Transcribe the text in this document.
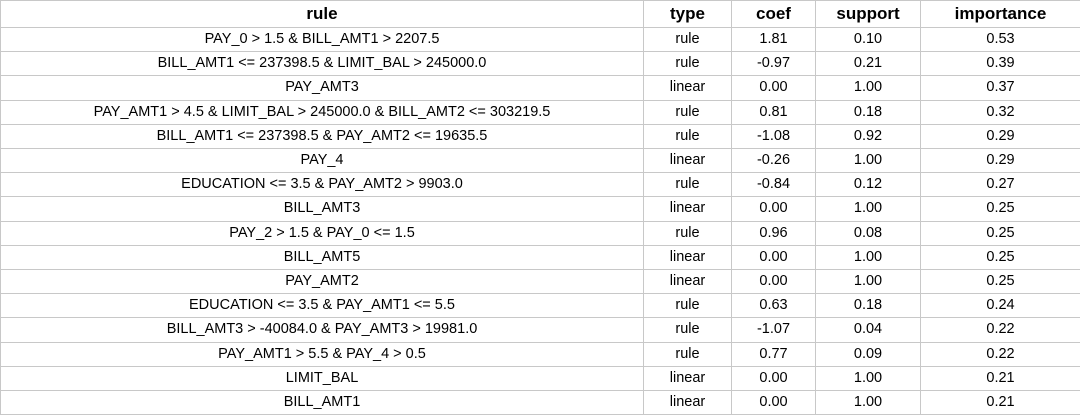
rule	type	coef	support	importance
PAY_0 > 1.5 & BILL_AMT1 > 2207.5	rule	1.81	0.10	0.53
BILL_AMT1 <= 237398.5 & LIMIT_BAL > 245000.0	rule	-0.97	0.21	0.39
PAY_AMT3	linear	0.00	1.00	0.37
PAY_AMT1 > 4.5 & LIMIT_BAL > 245000.0 & BILL_AMT2 <= 303219.5	rule	0.81	0.18	0.32
BILL_AMT1 <= 237398.5 & PAY_AMT2 <= 19635.5	rule	-1.08	0.92	0.29
PAY_4	linear	-0.26	1.00	0.29
EDUCATION <= 3.5 & PAY_AMT2 > 9903.0	rule	-0.84	0.12	0.27
BILL_AMT3	linear	0.00	1.00	0.25
PAY_2 > 1.5 & PAY_0 <= 1.5	rule	0.96	0.08	0.25
BILL_AMT5	linear	0.00	1.00	0.25
PAY_AMT2	linear	0.00	1.00	0.25
EDUCATION <= 3.5 & PAY_AMT1 <= 5.5	rule	0.63	0.18	0.24
BILL_AMT3 > -40084.0 & PAY_AMT3 > 19981.0	rule	-1.07	0.04	0.22
PAY_AMT1 > 5.5 & PAY_4 > 0.5	rule	0.77	0.09	0.22
LIMIT_BAL	linear	0.00	1.00	0.21
BILL_AMT1	linear	0.00	1.00	0.21
